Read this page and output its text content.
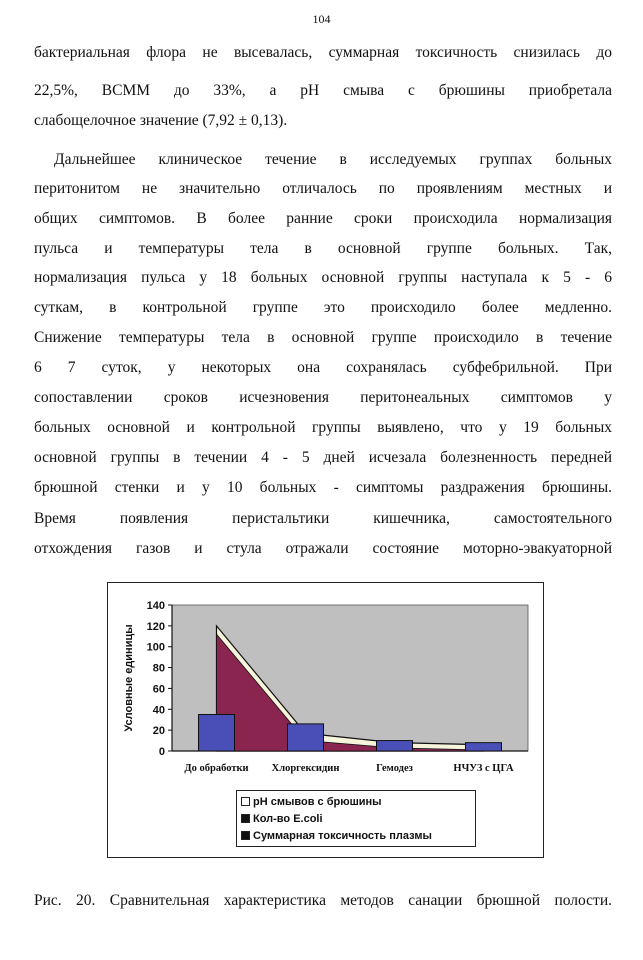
104
бактериальная флора не высевалась, суммарная токсичность снизилась до
22,5%, ВСММ до 33%, а рН смыва с брюшины приобретала
слабощелочное значение (7,92 ± 0,13).
Дальнейшее клиническое течение в исследуемых группах больных
перитонитом не значительно отличалось по проявлениям местных и
общих симптомов. В более ранние сроки происходила нормализация
пульса и температуры тела в основной группе больных. Так,
нормализация пульса у 18 больных основной группы наступала к 5 - 6
суткам, в контрольной группе это происходило более медленно.
Снижение температуры тела в основной группе происходило в течение
6 7 суток, у некоторых она сохранялась субфебрильной. При
сопоставлении сроков исчезновения перитонеальных симптомов у
больных основной и контрольной группы выявлено, что у 19 больных
основной группы в течении 4 - 5 дней исчезала болезненность передней
брюшной стенки и у 10 больных - симптомы раздражения брюшины.
Время появления перистальтики кишечника, самостоятельного
отхождения газов и стула отражали состояние моторно-эвакуаторной
0
20
40
60
80
100
120
140
Условные единицы
До обработки Хлоргексидин	Гемодез	НЧУЗ с ЦГА
рН смывов с брюшины
Кол-во E.coli
Суммарная токсичность плазмы
Рис. 20. Сравнительная характеристика методов санации брюшной полости.
